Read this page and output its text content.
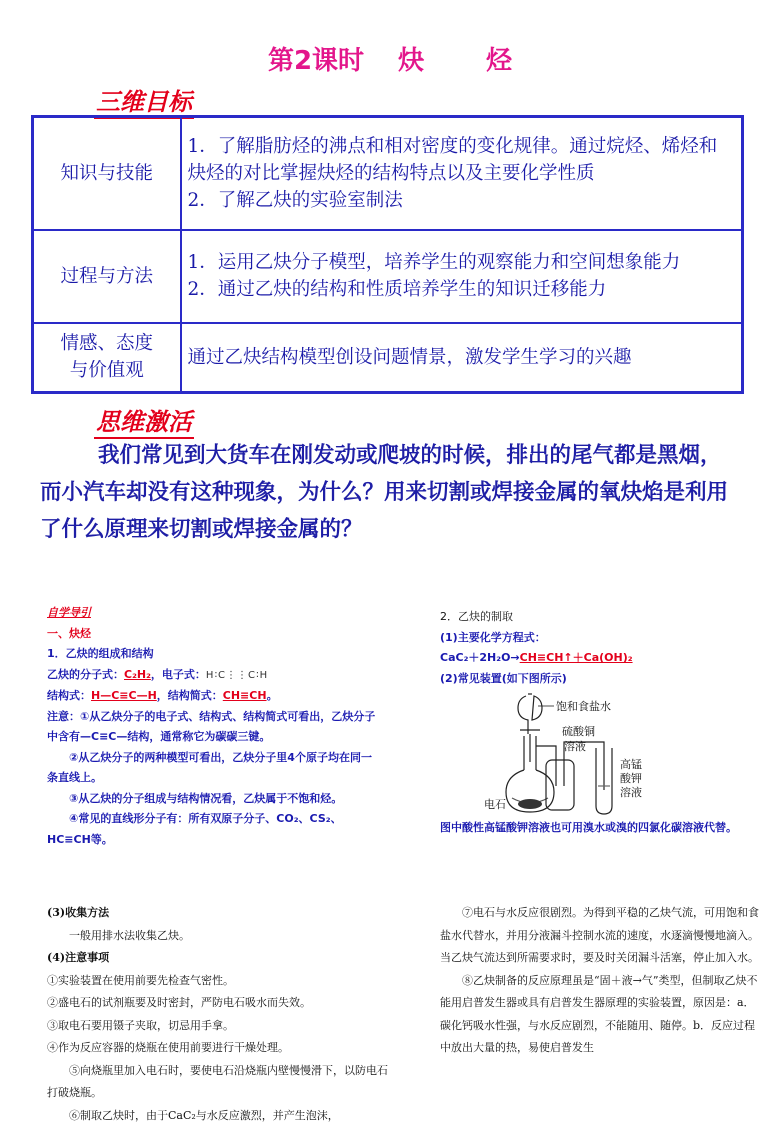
第2课时 炔 烃
三维目标
知识与技能	1．了解脂肪烃的沸点和相对密度的变化规律。通过烷烃、烯烃和炔烃的对比掌握炔烃的结构特点以及主要化学性质
2．了解乙炔的实验室制法

过程与方法	1．运用乙炔分子模型，培养学生的观察能力和空间想象能力
2．通过乙炔的结构和性质培养学生的知识迁移能力

情感、态度
与价值观	通过乙炔结构模型创设问题情景，激发学生学习的兴趣
思维激活
我们常见到大货车在刚发动或爬坡的时候，排出的尾气都是黑烟，而小汽车却没有这种现象，为什么？用来切割或焊接金属的氧炔焰是利用了什么原理来切割或焊接金属的？

自学导引

一、炔烃

1．乙炔的组成和结构

乙炔的分子式：C₂H₂，电子式：H∶C⋮⋮C∶H

结构式：H—C≡C—H，结构简式：CH≡CH。

注意：①从乙炔分子的电子式、结构式、结构简式可看出，乙炔分子中含有—C≡C—结构，通常称它为碳碳三键。

②从乙炔分子的两种模型可看出，乙炔分子里4个原子均在同一条直线上。

③从乙炔的分子组成与结构情况看，乙炔属于不饱和烃。

④常见的直线形分子有：所有双原子分子、CO₂、CS₂、HC≡CH等。

2．乙炔的制取

(1)主要化学方程式：

CaC₂＋2H₂O→CH≡CH↑＋Ca(OH)₂

(2)常见装置(如下图所示)

饱和食盐水
硫酸铜
溶液
高锰
酸钾
溶液
电石
图中酸性高锰酸钾溶液也可用溴水或溴的四氯化碳溶液代替。

(3)收集方法

一般用排水法收集乙炔。

(4)注意事项

①实验装置在使用前要先检查气密性。

②盛电石的试剂瓶要及时密封，严防电石吸水而失效。

③取电石要用镊子夹取，切忌用手拿。

④作为反应容器的烧瓶在使用前要进行干燥处理。

⑤向烧瓶里加入电石时，要使电石沿烧瓶内壁慢慢滑下，以防电石打破烧瓶。

⑥制取乙炔时，由于CaC₂与水反应激烈，并产生泡沫，

⑦电石与水反应很剧烈。为得到平稳的乙炔气流，可用饱和食盐水代替水，并用分液漏斗控制水流的速度，水逐滴慢慢地滴入。当乙炔气流达到所需要求时，要及时关闭漏斗活塞，停止加入水。

⑧乙炔制备的反应原理虽是“固＋液→气”类型，但制取乙炔不能用启普发生器或具有启普发生器原理的实验装置，原因是：a．碳化钙吸水性强，与水反应剧烈，不能随用、随停。b．反应过程中放出大量的热，易使启普发生
